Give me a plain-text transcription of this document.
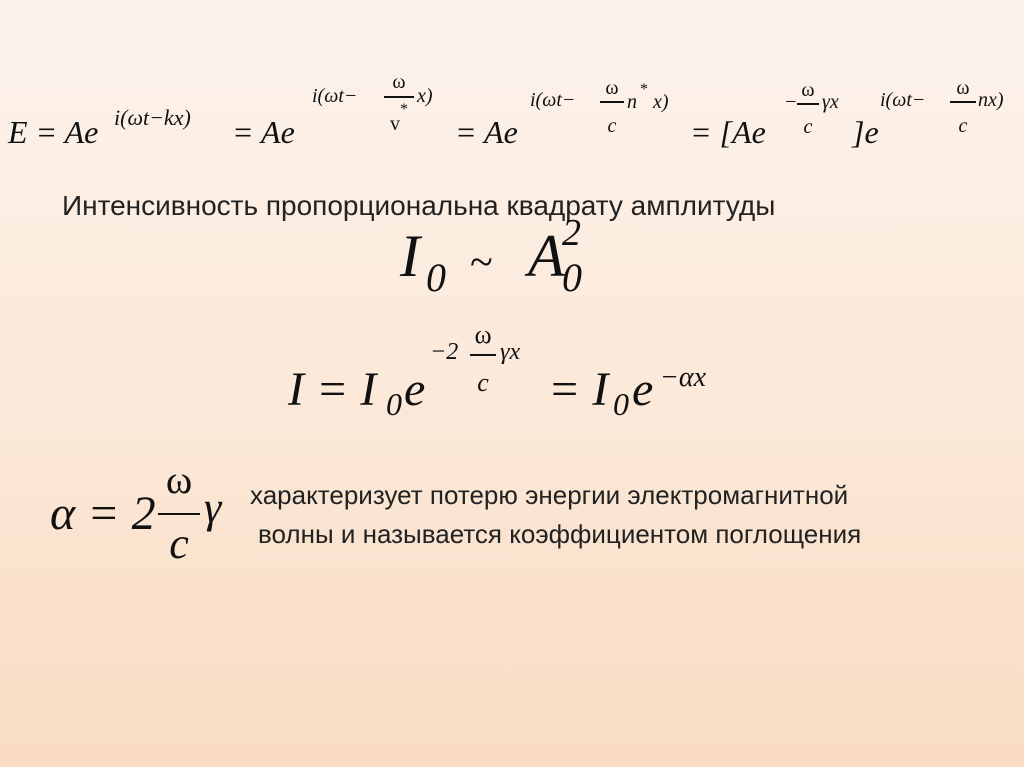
E = Ae i(ωt−kx) = Ae
i(ωt−
ω
v
*
x)
= Ae
i(ωt−
ω
c
n
*
x)
= [Ae
−
ω
c
γx
]e
i(ωt−
ω
c
nx)
Интенсивность пропорциональна квадрату амплитуды
I 0 ~ A
2
0
I = I 0 e
−2
ω
c
γx
= I 0 e −αx
α = 2
ω
c
γ характеризует потерю энергии электромагнитной
волны и называется коэффициентом поглощения
